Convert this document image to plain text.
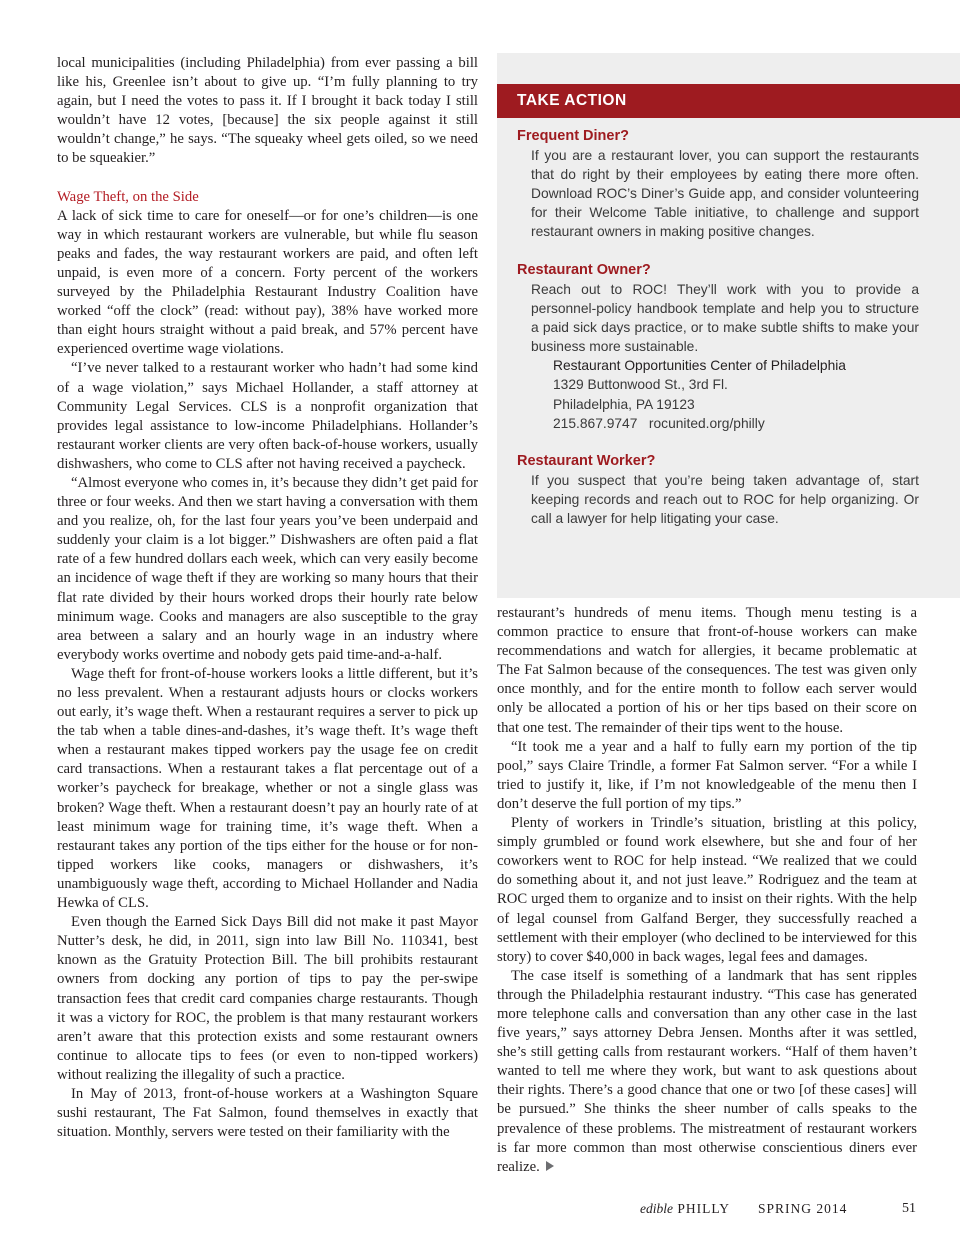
local municipalities (including Philadelphia) from ever passing a bill like his, Greenlee isn’t about to give up. “I’m fully planning to try again, but I need the votes to pass it. If I brought it back today I still wouldn’t have 12 votes, [because] the six people against it still wouldn’t change,” he says. “The squeaky wheel gets oiled, so we need to be squeakier.”

Wage Theft, on the Side

A lack of sick time to care for oneself—or for one’s children—is one way in which restaurant workers are vulnerable, but while flu season peaks and fades, the way restaurant workers are paid, and often left unpaid, is even more of a concern. Forty percent of the workers surveyed by the Philadelphia Restaurant Industry Coalition have worked “off the clock” (read: without pay), 38% have worked more than eight hours straight without a paid break, and 57% percent have experienced overtime wage violations.

“I’ve never talked to a restaurant worker who hadn’t had some kind of a wage violation,” says Michael Hollander, a staff attorney at Community Legal Services. CLS is a nonprofit organization that provides legal assistance to low-income Philadelphians. Hollander’s restaurant worker clients are very often back-of-house workers, usually dishwashers, who come to CLS after not having received a paycheck.

“Almost everyone who comes in, it’s because they didn’t get paid for three or four weeks. And then we start having a conversation with them and you realize, oh, for the last four years you’ve been underpaid and suddenly your claim is a lot bigger.” Dishwashers are often paid a flat rate of a few hundred dollars each week, which can very easily become an incidence of wage theft if they are working so many hours that their flat rate divided by their hours worked drops their hourly rate below minimum wage. Cooks and managers are also susceptible to the gray area between a salary and an hourly wage in an industry where everybody works overtime and nobody gets paid time-and-a-half.

Wage theft for front-of-house workers looks a little different, but it’s no less prevalent. When a restaurant adjusts hours or clocks workers out early, it’s wage theft. When a restaurant requires a server to pick up the tab when a table dines-and-dashes, it’s wage theft. It’s wage theft when a restaurant makes tipped workers pay the usage fee on credit card transactions. When a restaurant takes a flat percentage out of a worker’s paycheck for breakage, whether or not a single glass was broken? Wage theft. When a restaurant doesn’t pay an hourly rate of at least minimum wage for training time, it’s wage theft. When a restaurant takes any portion of the tips either for the house or for non-tipped workers like cooks, managers or dishwashers, it’s unambiguously wage theft, according to Michael Hollander and Nadia Hewka of CLS.

Even though the Earned Sick Days Bill did not make it past Mayor Nutter’s desk, he did, in 2011, sign into law Bill No. 110341, best known as the Gratuity Protection Bill. The bill prohibits restaurant owners from docking any portion of tips to pay the per-swipe transaction fees that credit card companies charge restaurants. Though it was a victory for ROC, the problem is that many restaurant workers aren’t aware that this protection exists and some restaurant owners continue to allocate tips to fees (or even to non-tipped workers) without realizing the illegality of such a practice.

In May of 2013, front-of-house workers at a Washington Square sushi restaurant, The Fat Salmon, found themselves in exactly that situation. Monthly, servers were tested on their familiarity with the

TAKE ACTION

Frequent Diner?

If you are a restaurant lover, you can support the restaurants that do right by their employees by eating there more often. Download ROC’s Diner’s Guide app, and consider volunteering for their Welcome Table initiative, to challenge and support restaurant owners in making positive changes.

Restaurant Owner?

Reach out to ROC! They’ll work with you to provide a personnel-policy handbook template and help you to structure a paid sick days practice, or to make subtle shifts to make your business more sustainable.

Restaurant Opportunities Center of Philadelphia
1329 Buttonwood St., 3rd Fl.
Philadelphia, PA 19123
215.867.9747 rocunited.org/philly

Restaurant Worker?

If you suspect that you’re being taken advantage of, start keeping records and reach out to ROC for help organizing. Or call a lawyer for help litigating your case.

restaurant’s hundreds of menu items. Though menu testing is a common practice to ensure that front-of-house workers can make recommendations and watch for allergies, it became problematic at The Fat Salmon because of the consequences. The test was given only once monthly, and for the entire month to follow each server would only be allocated a portion of his or her tips based on their score on that one test. The remainder of their tips went to the house.

“It took me a year and a half to fully earn my portion of the tip pool,” says Claire Trindle, a former Fat Salmon server. “For a while I tried to justify it, like, if I’m not knowledgeable of the menu then I don’t deserve the full portion of my tips.”

Plenty of workers in Trindle’s situation, bristling at this policy, simply grumbled or found work elsewhere, but she and four of her coworkers went to ROC for help instead. “We realized that we could do something about it, and not just leave.” Rodriguez and the team at ROC urged them to organize and to insist on their rights. With the help of legal counsel from Galfand Berger, they successfully reached a settlement with their employer (who declined to be interviewed for this story) to cover $40,000 in back wages, legal fees and damages.

The case itself is something of a landmark that has sent ripples through the Philadelphia restaurant industry. “This case has generated more telephone calls and conversation than any other case in the last five years,” says attorney Debra Jensen. Months after it was settled, she’s still getting calls from restaurant workers. “Half of them haven’t wanted to tell me where they work, but want to ask questions about their rights. There’s a good chance that one or two [of these cases] will be pursued.” She thinks the sheer number of calls speaks to the prevalence of these problems. The mistreatment of restaurant workers is far more common than most otherwise conscientious diners ever realize.

edible PHILLY SPRING 2014	51
